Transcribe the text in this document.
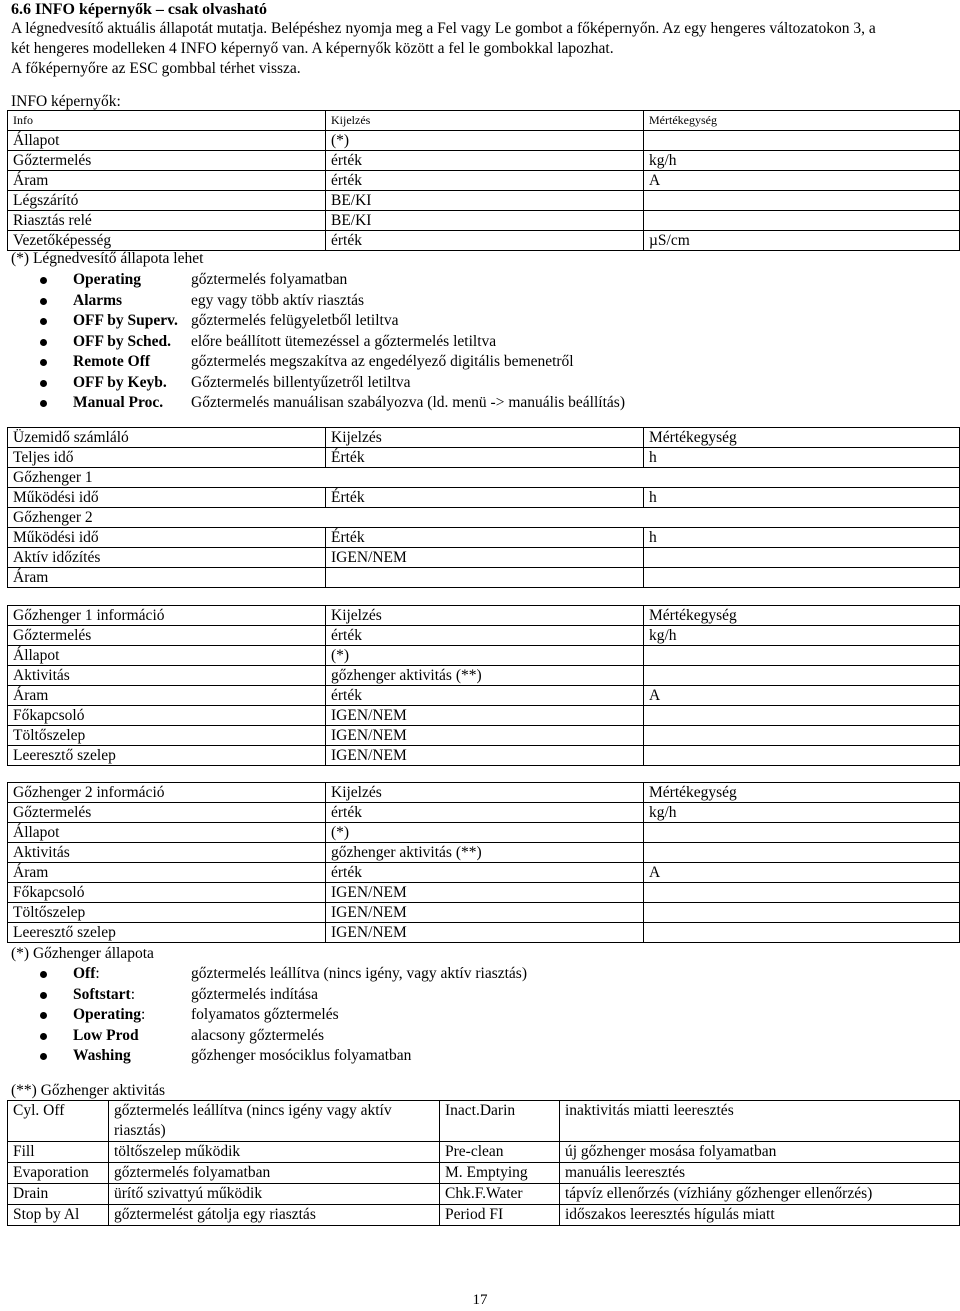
6.6 INFO képernyők – csak olvasható
A légnedvesítő aktuális állapotát mutatja. Belépéshez nyomja meg a Fel vagy Le gombot a főképernyőn. Az egy hengeres változatokon 3, a
két hengeres modelleken 4 INFO képernyő van. A képernyők között a fel le gombokkal lapozhat.
A főképernyőre az ESC gombbal térhet vissza.
INFO képernyők:
Info	Kijelzés	Mértékegység
Állapot	(*)	
Gőztermelés	érték	kg/h
Áram	érték	A
Légszárító	BE/KI	
Riasztás relé	BE/KI	
Vezetőképesség	érték	µS/cm
(*) Légnedvesítő állapota lehet
Operating	gőztermelés folyamatban
Alarms	egy vagy több aktív riasztás
OFF by Superv. gőztermelés felügyeletből letiltva
OFF by Sched. előre beállított ütemezéssel a gőztermelés letiltva
Remote Off	gőztermelés megszakítva az engedélyező digitális bemenetről
OFF by Keyb. Gőztermelés billentyűzetről letiltva
Manual Proc. Gőztermelés manuálisan szabályozva (ld. menü -> manuális beállítás)
Üzemidő számláló	Kijelzés	Mértékegység
Teljes idő	Érték	h
Gőzhenger 1		
Működési idő	Érték	h
Gőzhenger 2		
Működési idő	Érték	h
Aktív időzítés	IGEN/NEM	
Áram		
Gőzhenger 1 információ	Kijelzés	Mértékegység
Gőztermelés	érték	kg/h
Állapot	(*)	
Aktivitás	gőzhenger aktivitás (**)	
Áram	érték	A
Főkapcsoló	IGEN/NEM	
Töltőszelep	IGEN/NEM	
Leeresztő szelep	IGEN/NEM	
Gőzhenger 2 információ	Kijelzés	Mértékegység
Gőztermelés	érték	kg/h
Állapot	(*)	
Aktivitás	gőzhenger aktivitás (**)	
Áram	érték	A
Főkapcsoló	IGEN/NEM	
Töltőszelep	IGEN/NEM	
Leeresztő szelep	IGEN/NEM	
(*) Gőzhenger állapota
Off:	gőztermelés leállítva (nincs igény, vagy aktív riasztás)
Softstart:	gőztermelés indítása
Operating:	folyamatos gőztermelés
Low Prod	alacsony gőztermelés
Washing	gőzhenger mosóciklus folyamatban
(**) Gőzhenger aktivitás
Cyl. Off	gőztermelés leállítva (nincs igény vagy aktív riasztás)	Inact.Darin	inaktivitás miatti leeresztés
Fill	töltőszelep működik	Pre-clean	új gőzhenger mosása folyamatban
Evaporation	gőztermelés folyamatban	M. Emptying	manuális leeresztés
Drain	ürítő szivattyú működik	Chk.F.Water	tápvíz ellenőrzés (vízhiány gőzhenger ellenőrzés)
Stop by Al	gőztermelést gátolja egy riasztás	Period FI	időszakos leeresztés hígulás miatt
17
